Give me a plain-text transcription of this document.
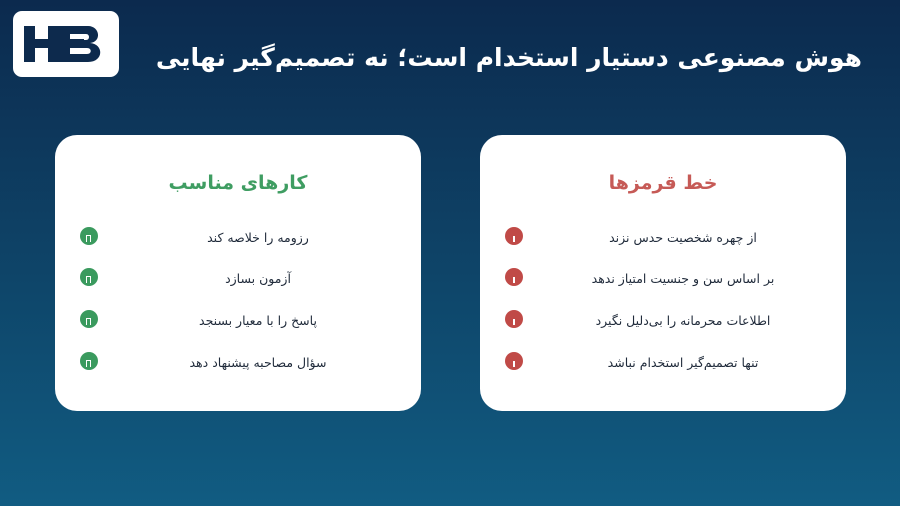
هوش مصنوعی دستیار استخدام است؛ نه تصمیم‌گیر نهایی
کارهای مناسب
رزومه را خلاصه کند
آزمون بسازد
پاسخ را با معیار بسنجد
سؤال مصاحبه پیشنهاد دهد
خط قرمزها
از چهره شخصیت حدس نزند
بر اساس سن و جنسیت امتیاز ندهد
اطلاعات محرمانه را بی‌دلیل نگیرد
تنها تصمیم‌گیر استخدام نباشد
